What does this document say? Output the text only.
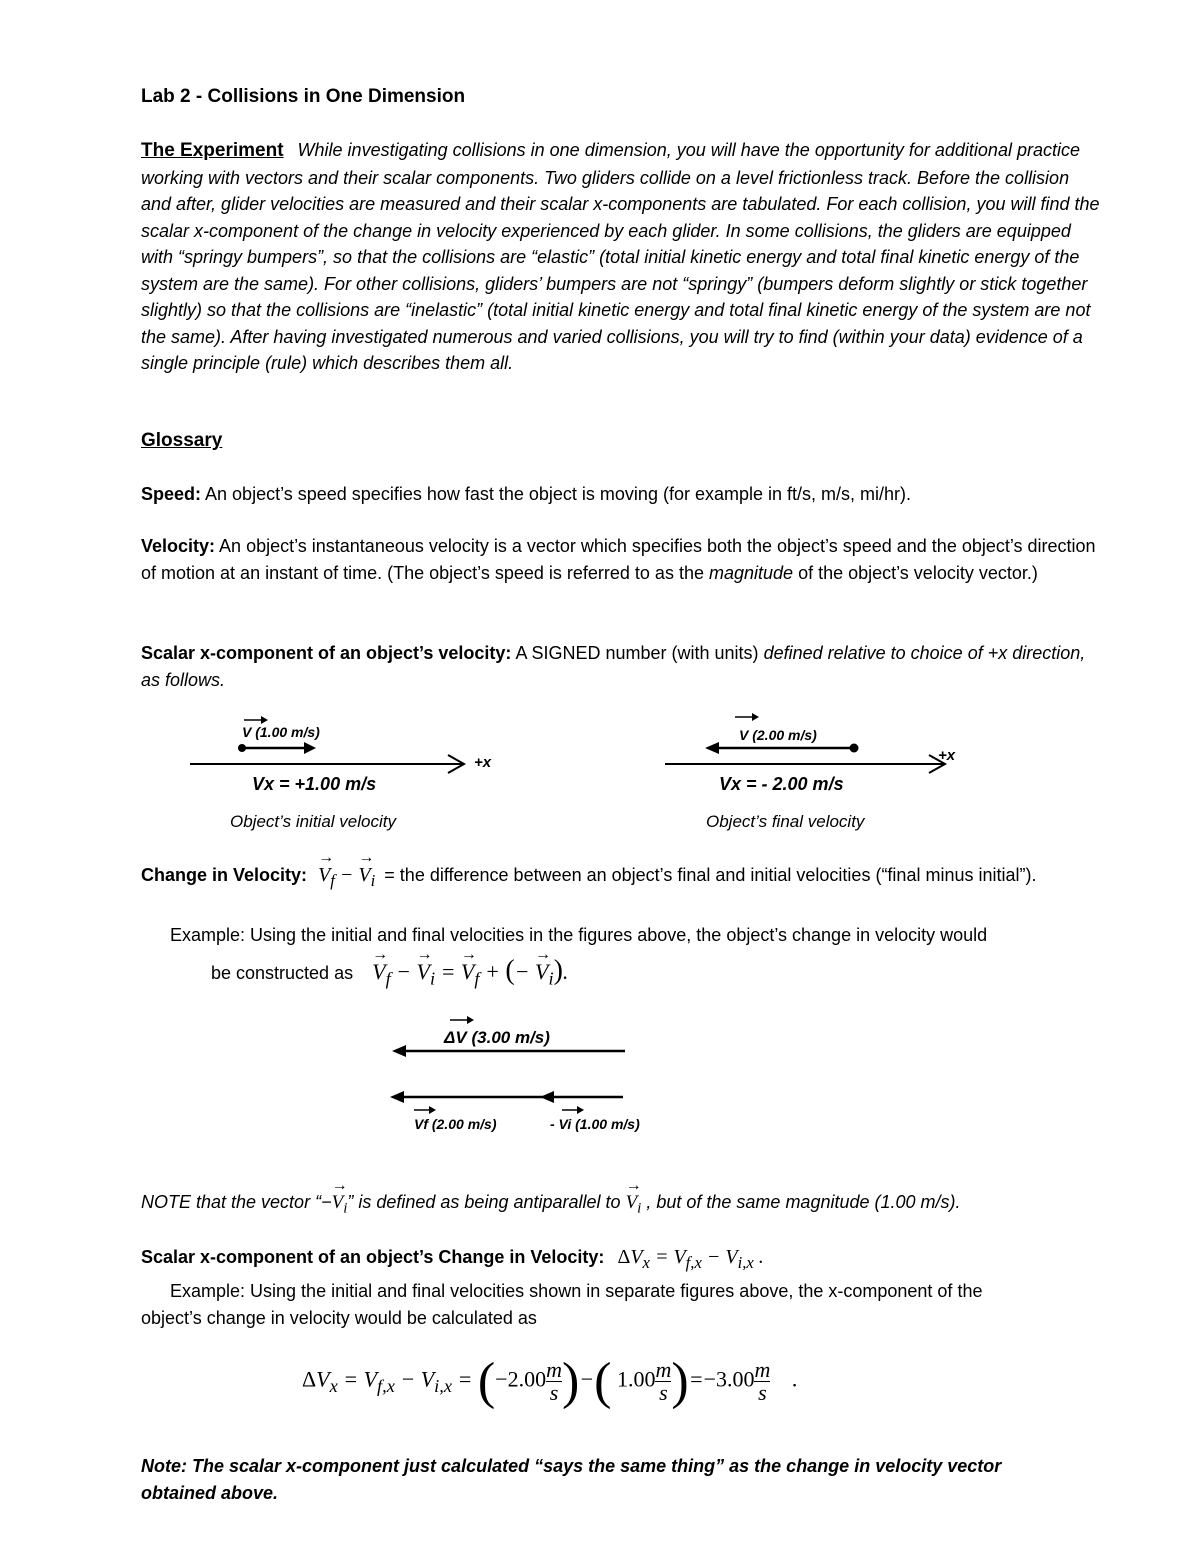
Lab 2 - Collisions in One Dimension
The Experiment While investigating collisions in one dimension, you will have the opportunity for additional practice working with vectors and their scalar components. Two gliders collide on a level frictionless track. Before the collision and after, glider velocities are measured and their scalar x-components are tabulated. For each collision, you will find the scalar x-component of the change in velocity experienced by each glider. In some collisions, the gliders are equipped with “springy bumpers”, so that the collisions are “elastic” (total initial kinetic energy and total final kinetic energy of the system are the same). For other collisions, gliders’ bumpers are not “springy” (bumpers deform slightly or stick together slightly) so that the collisions are “inelastic” (total initial kinetic energy and total final kinetic energy of the system are not the same). After having investigated numerous and varied collisions, you will try to find (within your data) evidence of a single principle (rule) which describes them all.
Glossary
Speed: An object’s speed specifies how fast the object is moving (for example in ft/s, m/s, mi/hr).
Velocity: An object’s instantaneous velocity is a vector which specifies both the object’s speed and the object’s direction of motion at an instant of time. (The object’s speed is referred to as the magnitude of the object’s velocity vector.)
Scalar x-component of an object’s velocity: A SIGNED number (with units) defined relative to choice of +x direction, as follows.
V (1.00 m/s)
+x
Vx = +1.00 m/s
Object’s initial velocity
V (2.00 m/s)
+x
Vx = - 2.00 m/s
Object’s final velocity
Change in Velocity: → $V_f$ − → $V_i$ = the difference between an object’s final and initial velocities (“final minus initial”).
Example: Using the initial and final velocities in the figures above, the object’s change in velocity would
be constructed as → $V_f$ − → $V_i$ = → $V_f$ + (− → $V_i$).
ΔV (3.00 m/s)
Vf (2.00 m/s)	- Vi (1.00 m/s)
NOTE that the vector “−→ $V_i$” is defined as being antiparallel to → $V_i$ , but of the same magnitude (1.00 m/s).
Scalar x-component of an object’s Change in Velocity: $\Delta V_x = V_{f,x} - V_{i,x}$ .
Example: Using the initial and final velocities shown in separate figures above, the x-component of the
object’s change in velocity would be calculated as
$\Delta V_x = V_{f,x} - V_{i,x} = (-2.00 \frac{m}{s}$ )−( $1.00 \frac{m}{s} )=-3.00 \frac{m}{s}$ .
Note: The scalar x-component just calculated “says the same thing” as the change in velocity vector obtained above.
